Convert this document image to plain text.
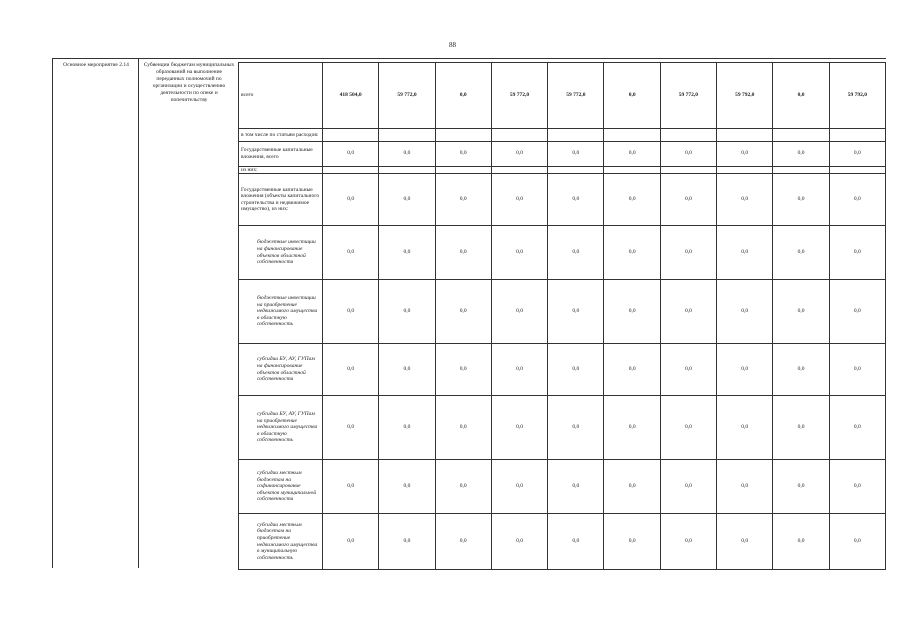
88
Основное мероприятие 2.14	Субвенции бюджетам муниципальных образований на выполнение переданных полномочий по организации и осуществлению деятельности по опеке и попечительству
всего	418 504,0	59 772,0	0,0	59 772,0	59 772,0	0,0	59 772,0	59 792,0	0,0	59 792,0
в том числе по статьям расходов:										
Государственные капитальные вложения, всего	0,0	0,0	0,0	0,0	0,0	0,0	0,0	0,0	0,0	0,0
из них:										
Государственные капитальные вложения (объекты капитального строительства и недвижимое имущество), из них:	0,0	0,0	0,0	0,0	0,0	0,0	0,0	0,0	0,0	0,0
бюджетные инвестиции на финансирование объектов областной собственности	0,0	0,0	0,0	0,0	0,0	0,0	0,0	0,0	0,0	0,0
бюджетные инвестиции на приобретение недвижимого имущества в областную собственность	0,0	0,0	0,0	0,0	0,0	0,0	0,0	0,0	0,0	0,0
субсидии БУ, АУ, ГУПам на финансирование объектов областной собственности	0,0	0,0	0,0	0,0	0,0	0,0	0,0	0,0	0,0	0,0
субсидии БУ, АУ, ГУПам на приобретение недвижимого имущества в областную собственность	0,0	0,0	0,0	0,0	0,0	0,0	0,0	0,0	0,0	0,0
субсидии местным бюджетам на софинансирование объектов муниципальной собственности	0,0	0,0	0,0	0,0	0,0	0,0	0,0	0,0	0,0	0,0
субсидии местным бюджетам на приобретение недвижимого имущества в муниципальную собственность	0,0	0,0	0,0	0,0	0,0	0,0	0,0	0,0	0,0	0,0
